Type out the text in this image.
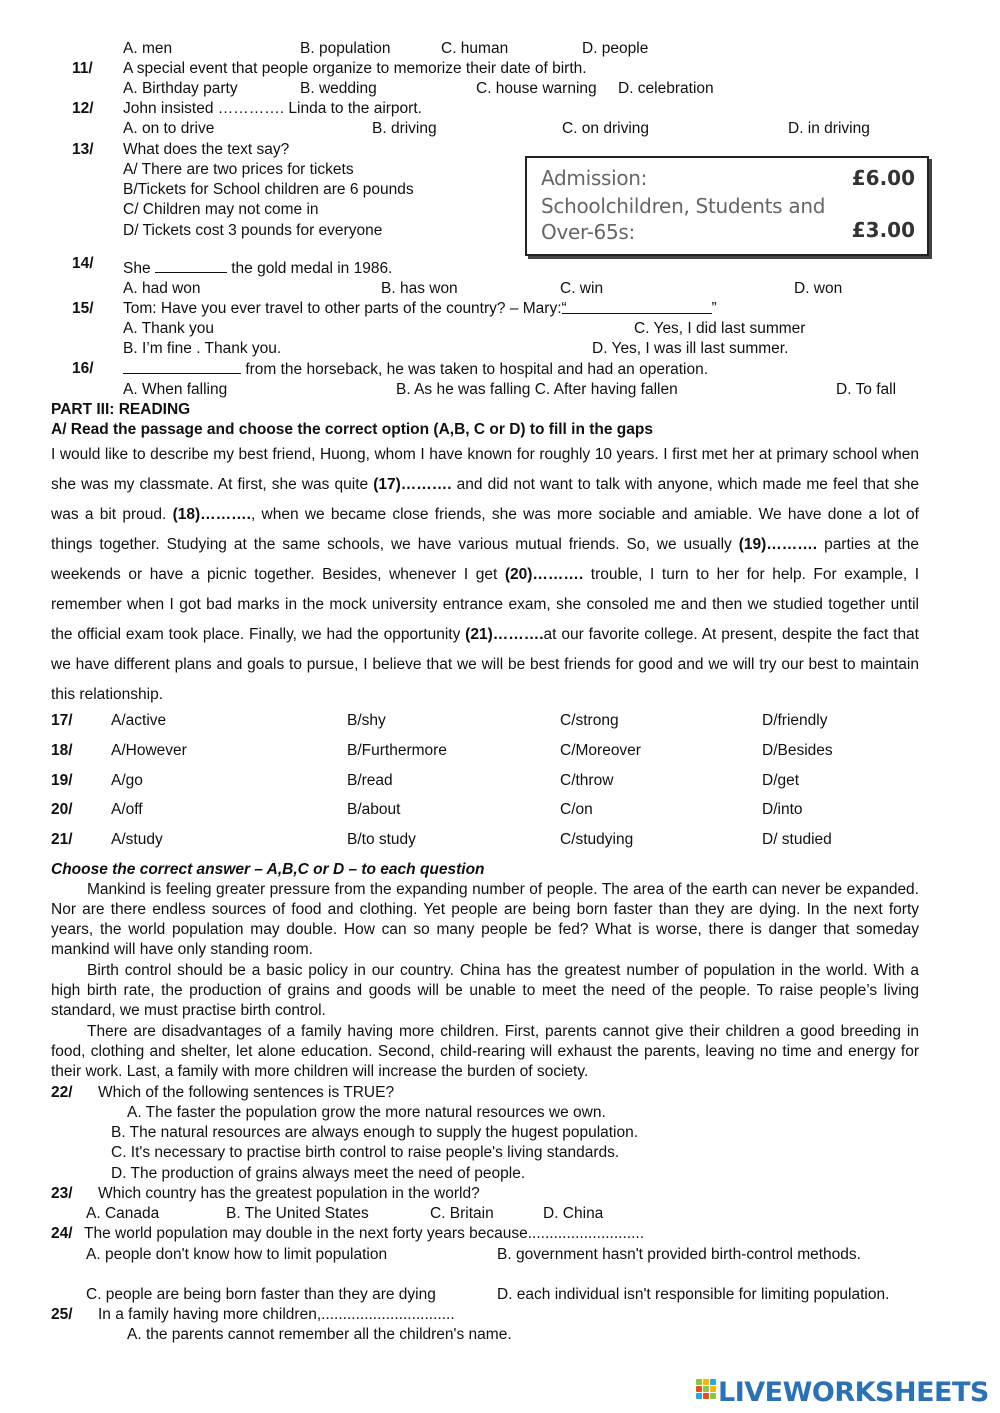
A. men	B. population	C. human	D. people
11/ A special event that people organize to memorize their date of birth.
A. Birthday party	B. wedding	C. house warning D. celebration
12/ John insisted …………. Linda to the airport.
A. on to drive	B. driving	C. on driving	D. in driving
13/ What does the text say?
A/ There are two prices for tickets
B/Tickets for School children are 6 pounds
C/ Children may not come in
D/ Tickets cost 3 pounds for everyone
Admission:	£6.00
Schoolchildren, Students and
Over-65s:	£3.00
14/ She	the gold medal in 1986.
A. had won	B. has won	C. win	D. won
15/ Tom: Have you ever travel to other parts of the country? – Mary:“	”
A. Thank you	C. Yes, I did last summer
B. I’m fine . Thank you.	D. Yes, I was ill last summer.
16/	from the horseback, he was taken to hospital and had an operation.
A. When falling	B. As he was falling C. After having fallen	D. To fall
PART III: READING
A/ Read the passage and choose the correct option (A,B, C or D) to fill in the gaps
I would like to describe my best friend, Huong, whom I have known for roughly 10 years. I first met her at primary school when she was my classmate. At first, she was quite (17)………. and did not want to talk with anyone, which made me feel that she was a bit proud. (18)………., when we became close friends, she was more sociable and amiable. We have done a lot of things together. Studying at the same schools, we have various mutual friends. So, we usually (19)………. parties at the weekends or have a picnic together. Besides, whenever I get (20)………. trouble, I turn to her for help. For example, I remember when I got bad marks in the mock university entrance exam, she consoled me and then we studied together until the official exam took place. Finally, we had the opportunity (21)……….at our favorite college. At present, despite the fact that we have different plans and goals to pursue, I believe that we will be best friends for good and we will try our best to maintain this relationship.
17/ A/active	B/shy	C/strong	D/friendly
18/ A/However	B/Furthermore	C/Moreover	D/Besides
19/ A/go	B/read	C/throw	D/get
20/ A/off	B/about	C/on	D/into
21/ A/study	B/to study	C/studying	D/ studied
Choose the correct answer – A,B,C or D – to each question
Mankind is feeling greater pressure from the expanding number of people. The area of the earth can never be expanded. Nor are there endless sources of food and clothing. Yet people are being born faster than they are dying. In the next forty years, the world population may double. How can so many people be fed? What is worse, there is danger that someday mankind will have only standing room.
Birth control should be a basic policy in our country. China has the greatest number of population in the world. With a high birth rate, the production of grains and goods will be unable to meet the need of the people. To raise people’s living standard, we must practise birth control.
There are disadvantages of a family having more children. First, parents cannot give their children a good breeding in food, clothing and shelter, let alone education. Second, child-rearing will exhaust the parents, leaving no time and energy for their work. Last, a family with more children will increase the burden of society.
22/ Which of the following sentences is TRUE?
A. The faster the population grow the more natural resources we own.
B. The natural resources are always enough to supply the hugest population.
C. It's necessary to practise birth control to raise people's living standards.
D. The production of grains always meet the need of people.
23/ Which country has the greatest population in the world?
A. Canada	B. The United States	C. Britain	D. China
24/ The world population may double in the next forty years because...........................
A. people don't know how to limit population	B. government hasn't provided birth-control methods.
C. people are being born faster than they are dying	D. each individual isn't responsible for limiting population.
25/ In a family having more children,...............................
A. the parents cannot remember all the children's name.
LIVEWORKSHEETS
